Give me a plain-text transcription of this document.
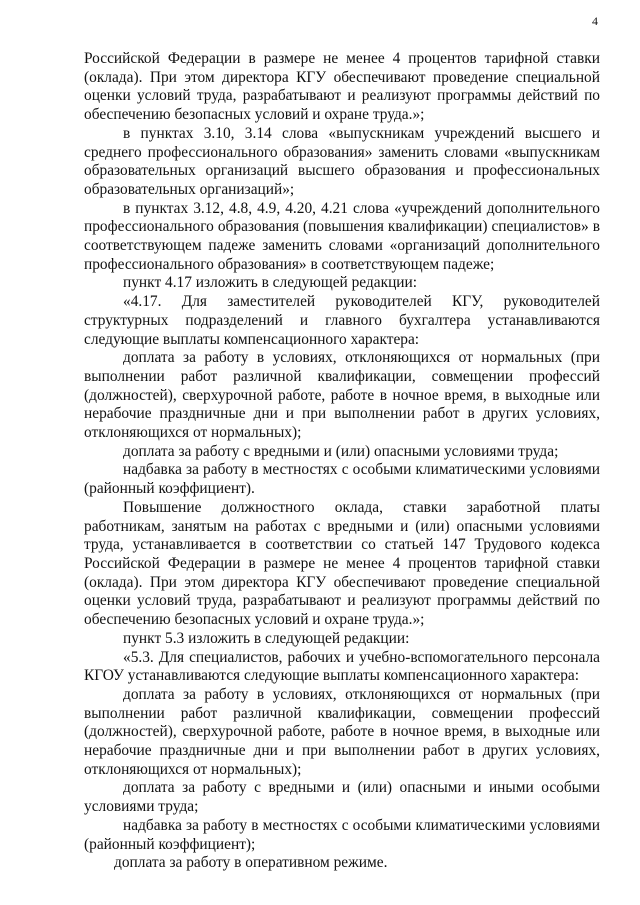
4

Российской Федерации в размере не менее 4 процентов тарифной ставки (оклада). При этом директора КГУ обеспечивают проведение специальной оценки условий труда, разрабатывают и реализуют программы действий по обеспечению безопасных условий и охране труда.»;

в пунктах 3.10, 3.14 слова «выпускникам учреждений высшего и среднего профессионального образования» заменить словами «выпускникам образовательных организаций высшего образования и профессиональных образовательных организаций»;

в пунктах 3.12, 4.8, 4.9, 4.20, 4.21 слова «учреждений дополнительного профессионального образования (повышения квалификации) специалистов» в соответствующем падеже заменить словами «организаций дополнительного профессионального образования» в соответствующем падеже;

пункт 4.17 изложить в следующей редакции:

«4.17. Для заместителей руководителей КГУ, руководителей структурных подразделений и главного бухгалтера устанавливаются следующие выплаты компенсационного характера:

доплата за работу в условиях, отклоняющихся от нормальных (при выполнении работ различной квалификации, совмещении профессий (должностей), сверхурочной работе, работе в ночное время, в выходные или нерабочие праздничные дни и при выполнении работ в других условиях, отклоняющихся от нормальных);

доплата за работу с вредными и (или) опасными условиями труда;

надбавка за работу в местностях с особыми климатическими условиями (районный коэффициент).

Повышение должностного оклада, ставки заработной платы работникам, занятым на работах с вредными и (или) опасными условиями труда, устанавливается в соответствии со статьей 147 Трудового кодекса Российской Федерации в размере не менее 4 процентов тарифной ставки (оклада). При этом директора КГУ обеспечивают проведение специальной оценки условий труда, разрабатывают и реализуют программы действий по обеспечению безопасных условий и охране труда.»;

пункт 5.3 изложить в следующей редакции:

«5.3. Для специалистов, рабочих и учебно-вспомогательного персонала КГОУ устанавливаются следующие выплаты компенсационного характера:

доплата за работу в условиях, отклоняющихся от нормальных (при выполнении работ различной квалификации, совмещении профессий (должностей), сверхурочной работе, работе в ночное время, в выходные или нерабочие праздничные дни и при выполнении работ в других условиях, отклоняющихся от нормальных);

доплата за работу с вредными и (или) опасными и иными особыми условиями труда;

надбавка за работу в местностях с особыми климатическими условиями (районный коэффициент);

доплата за работу в оперативном режиме.
